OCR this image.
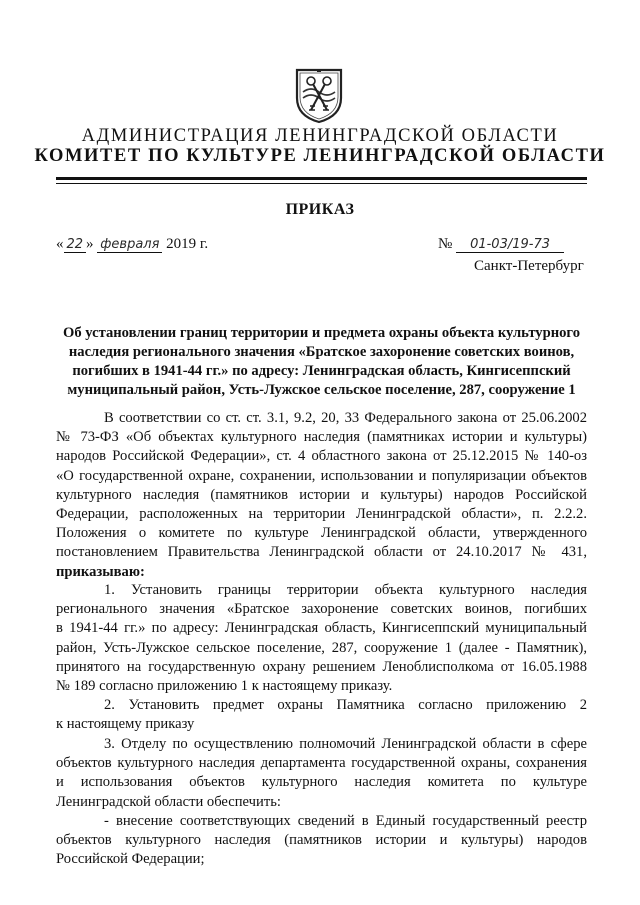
АДМИНИСТРАЦИЯ ЛЕНИНГРАДСКОЙ ОБЛАСТИ
КОМИТЕТ ПО КУЛЬТУРЕ ЛЕНИНГРАДСКОЙ ОБЛАСТИ
ПРИКАЗ
« 22 » февраля 2019 г.	№ 01-03/19-73
Санкт-Петербург
Об установлении границ территории и предмета охраны объекта культурного
наследия регионального значения «Братское захоронение советских воинов,
погибших в 1941-44 гг.» по адресу: Ленинградская область, Кингисеппский
муниципальный район, Усть-Лужское сельское поселение, 287, сооружение 1
В соответствии со ст. ст. 3.1, 9.2, 20, 33 Федерального закона от 25.06.2002
№ 73-ФЗ «Об объектах культурного наследия (памятниках истории и культуры)
народов Российской Федерации», ст. 4 областного закона от 25.12.2015 № 140-оз
«О государственной охране, сохранении, использовании и популяризации объектов
культурного наследия (памятников истории и культуры) народов Российской
Федерации, расположенных на территории Ленинградской области», п. 2.2.2.
Положения о комитете по культуре Ленинградской области, утвержденного
постановлением Правительства Ленинградской области от 24.10.2017 № 431,
приказываю:
1. Установить границы территории объекта культурного наследия
регионального значения «Братское захоронение советских воинов, погибших
в 1941-44 гг.» по адресу: Ленинградская область, Кингисеппский муниципальный
район, Усть-Лужское сельское поселение, 287, сооружение 1 (далее - Памятник),
принятого на государственную охрану решением Леноблисполкома от 16.05.1988
№ 189 согласно приложению 1 к настоящему приказу.
2. Установить предмет охраны Памятника согласно приложению 2
к настоящему приказу
3. Отделу по осуществлению полномочий Ленинградской области в сфере
объектов культурного наследия департамента государственной охраны, сохранения
и использования объектов культурного наследия комитета по культуре
Ленинградской области обеспечить:
- внесение соответствующих сведений в Единый государственный реестр
объектов культурного наследия (памятников истории и культуры) народов
Российской Федерации;
